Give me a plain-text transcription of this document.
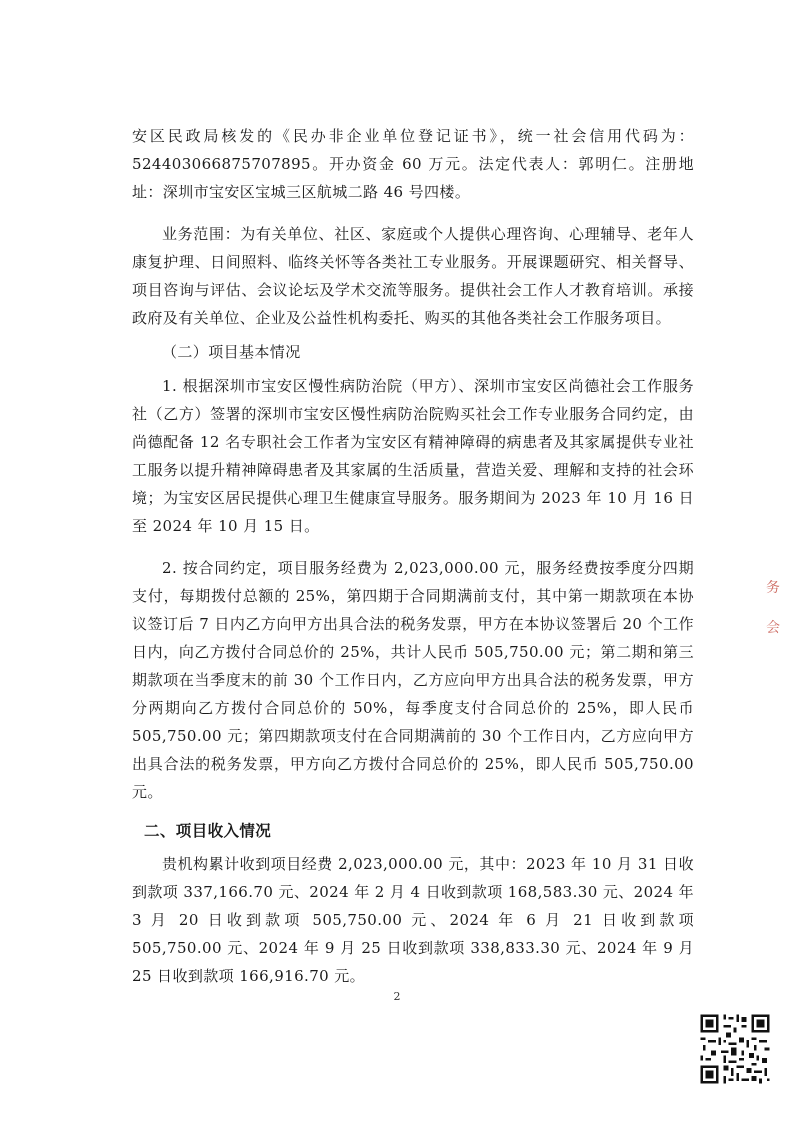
安区民政局核发的《民办非企业单位登记证书》，统一社会信用代码为：524403066875707895。开办资金 60 万元。法定代表人：郭明仁。注册地址：深圳市宝安区宝城三区航城二路 46 号四楼。

业务范围：为有关单位、社区、家庭或个人提供心理咨询、心理辅导、老年人康复护理、日间照料、临终关怀等各类社工专业服务。开展课题研究、相关督导、项目咨询与评估、会议论坛及学术交流等服务。提供社会工作人才教育培训。承接政府及有关单位、企业及公益性机构委托、购买的其他各类社会工作服务项目。

（二）项目基本情况

1. 根据深圳市宝安区慢性病防治院（甲方）、深圳市宝安区尚德社会工作服务社（乙方）签署的深圳市宝安区慢性病防治院购买社会工作专业服务合同约定，由尚德配备 12 名专职社会工作者为宝安区有精神障碍的病患者及其家属提供专业社工服务以提升精神障碍患者及其家属的生活质量，营造关爱、理解和支持的社会环境；为宝安区居民提供心理卫生健康宣导服务。服务期间为 2023 年 10 月 16 日至 2024 年 10 月 15 日。

2. 按合同约定，项目服务经费为 2,023,000.00 元，服务经费按季度分四期支付，每期拨付总额的 25%，第四期于合同期满前支付，其中第一期款项在本协议签订后 7 日内乙方向甲方出具合法的税务发票，甲方在本协议签署后 20 个工作日内，向乙方拨付合同总价的 25%，共计人民币 505,750.00 元；第二期和第三期款项在当季度末的前 30 个工作日内，乙方应向甲方出具合法的税务发票，甲方分两期向乙方拨付合同总价的 50%，每季度支付合同总价的 25%，即人民币 505,750.00 元；第四期款项支付在合同期满前的 30 个工作日内，乙方应向甲方出具合法的税务发票，甲方向乙方拨付合同总价的 25%，即人民币 505,750.00 元。

二、项目收入情况

贵机构累计收到项目经费 2,023,000.00 元，其中：2023 年 10 月 31 日收到款项 337,166.70 元、2024 年 2 月 4 日收到款项 168,583.30 元、2024 年 3 月 20 日收到款项 505,750.00 元、2024 年 6 月 21 日收到款项 505,750.00 元、2024 年 9 月 25 日收到款项 338,833.30 元、2024 年 9 月 25 日收到款项 166,916.70 元。

2
务 会
